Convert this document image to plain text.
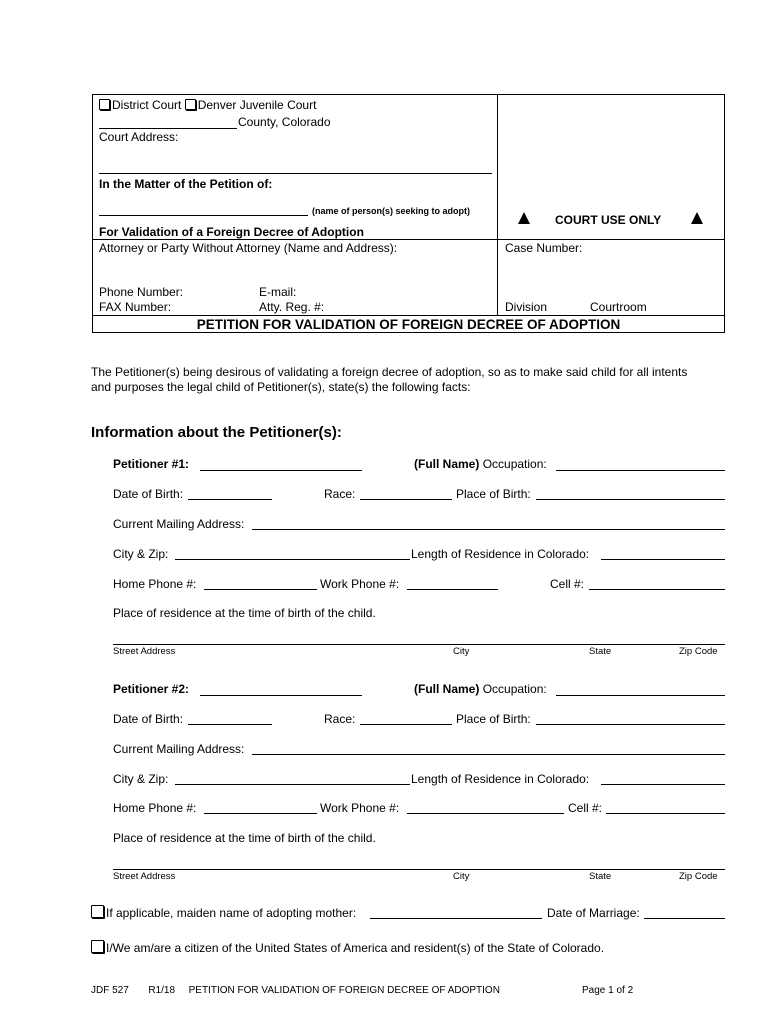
District Court Denver Juvenile Court
County, Colorado
Court Address:
In the Matter of the Petition of:
(name of person(s) seeking to adopt)
For Validation of a Foreign Decree of Adoption
Attorney or Party Without Attorney (Name and Address):
Phone Number:	E-mail:
FAX Number:	Atty. Reg. #:
COURT USE ONLY
Case Number:
Division	Courtroom
PETITION FOR VALIDATION OF FOREIGN DECREE OF ADOPTION
The Petitioner(s) being desirous of validating a foreign decree of adoption, so as to make said child for all intents
and purposes the legal child of Petitioner(s), state(s) the following facts:
Information about the Petitioner(s):
Petitioner #1:	(Full Name) Occupation:
Date of Birth:	Race:	Place of Birth:
Current Mailing Address:
City & Zip:	Length of Residence in Colorado:
Home Phone #:	Work Phone #:	Cell #:
Place of residence at the time of birth of the child.
Street Address	City	State	Zip Code
Petitioner #2:	(Full Name) Occupation:
Date of Birth:	Race:	Place of Birth:
Current Mailing Address:
City & Zip:	Length of Residence in Colorado:
Home Phone #:	Work Phone #:	Cell #:
Place of residence at the time of birth of the child.
Street Address	City	State	Zip Code
If applicable, maiden name of adopting mother:	Date of Marriage:
I/We am/are a citizen of the United States of America and resident(s) of the State of Colorado.
JDF 527 R1/18 PETITION FOR VALIDATION OF FOREIGN DECREE OF ADOPTION	Page 1 of 2
